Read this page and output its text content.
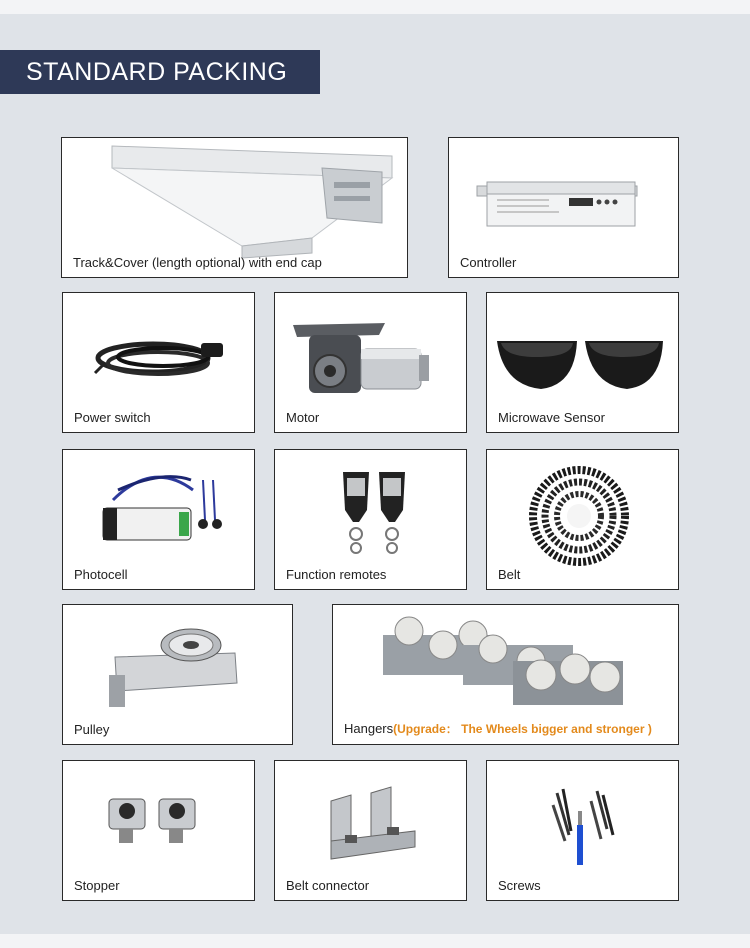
STANDARD PACKING
Track&Cover (length optional) with end cap	Controller
Power switch	Motor	Microwave Sensor
Photocell	Function remotes	Belt
Pulley	Hangers(Upgrade： The Wheels bigger and stronger )
Stopper	Belt connector	Screws
